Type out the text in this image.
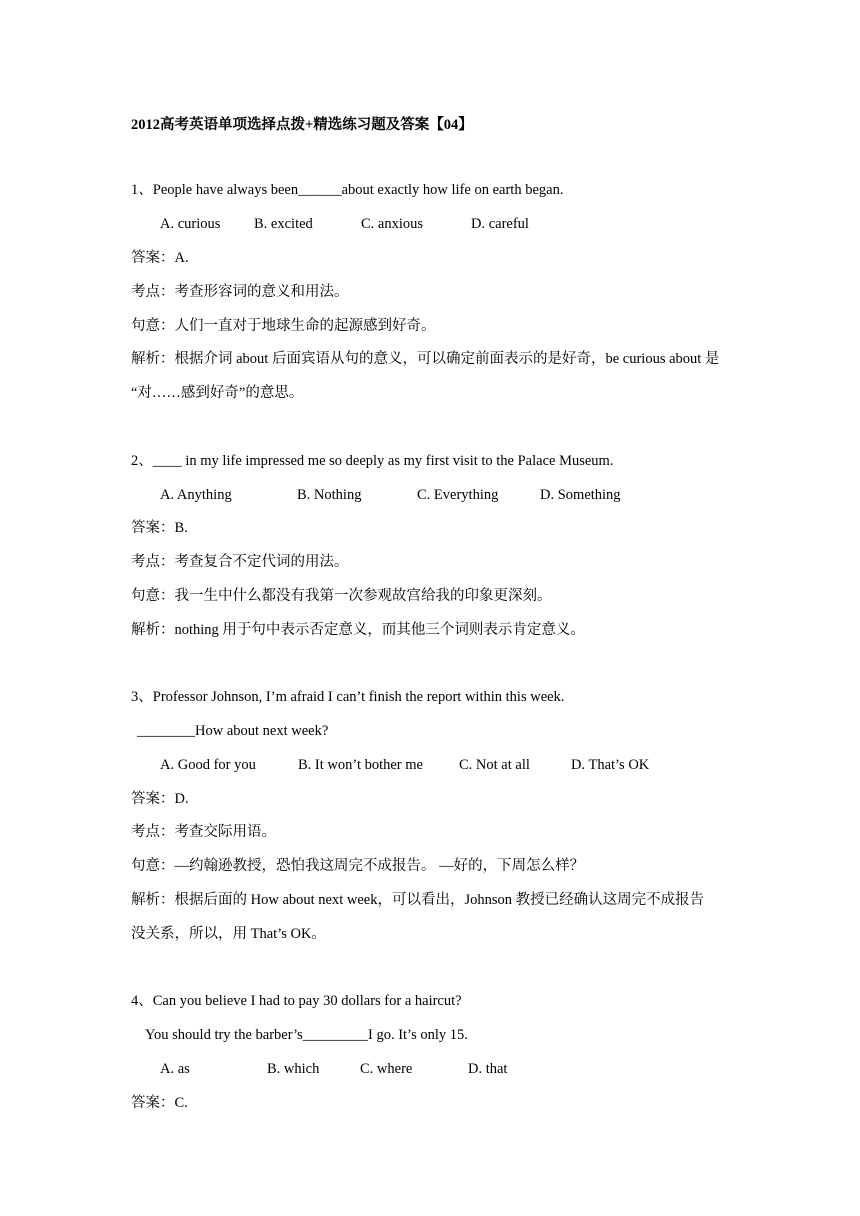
2012高考英语单项选择点拨+精选练习题及答案【04】
1、People have always been______about exactly how life on earth began.
A. curious B. excited	C. anxious	D. careful
答案：A.
考点：考查形容词的意义和用法。
句意：人们一直对于地球生命的起源感到好奇。
解析：根据介词 about 后面宾语从句的意义，可以确定前面表示的是好奇，be curious about 是
“对……感到好奇”的意思。
2、____ in my life impressed me so deeply as my first visit to the Palace Museum.
A. Anything	B. Nothing	C. Everything	D. Something
答案：B.
考点：考查复合不定代词的用法。
句意：我一生中什么都没有我第一次参观故宫给我的印象更深刻。
解析：nothing 用于句中表示否定意义，而其他三个词则表示肯定意义。
3、Professor Johnson, I’m afraid I can’t finish the report within this week.
________How about next week?
A. Good for you	B. It won’t bother me C. Not at all	D. That’s OK
答案：D.
考点：考查交际用语。
句意：—约翰逊教授，恐怕我这周完不成报告。 —好的，下周怎么样？
解析：根据后面的 How about next week，可以看出，Johnson 教授已经确认这周完不成报告
没关系，所以，用 That’s OK。
4、Can you believe I had to pay 30 dollars for a haircut?
You should try the barber’s_________I go. It’s only 15.
A. as	B. which	C. where	D. that
答案：C.
